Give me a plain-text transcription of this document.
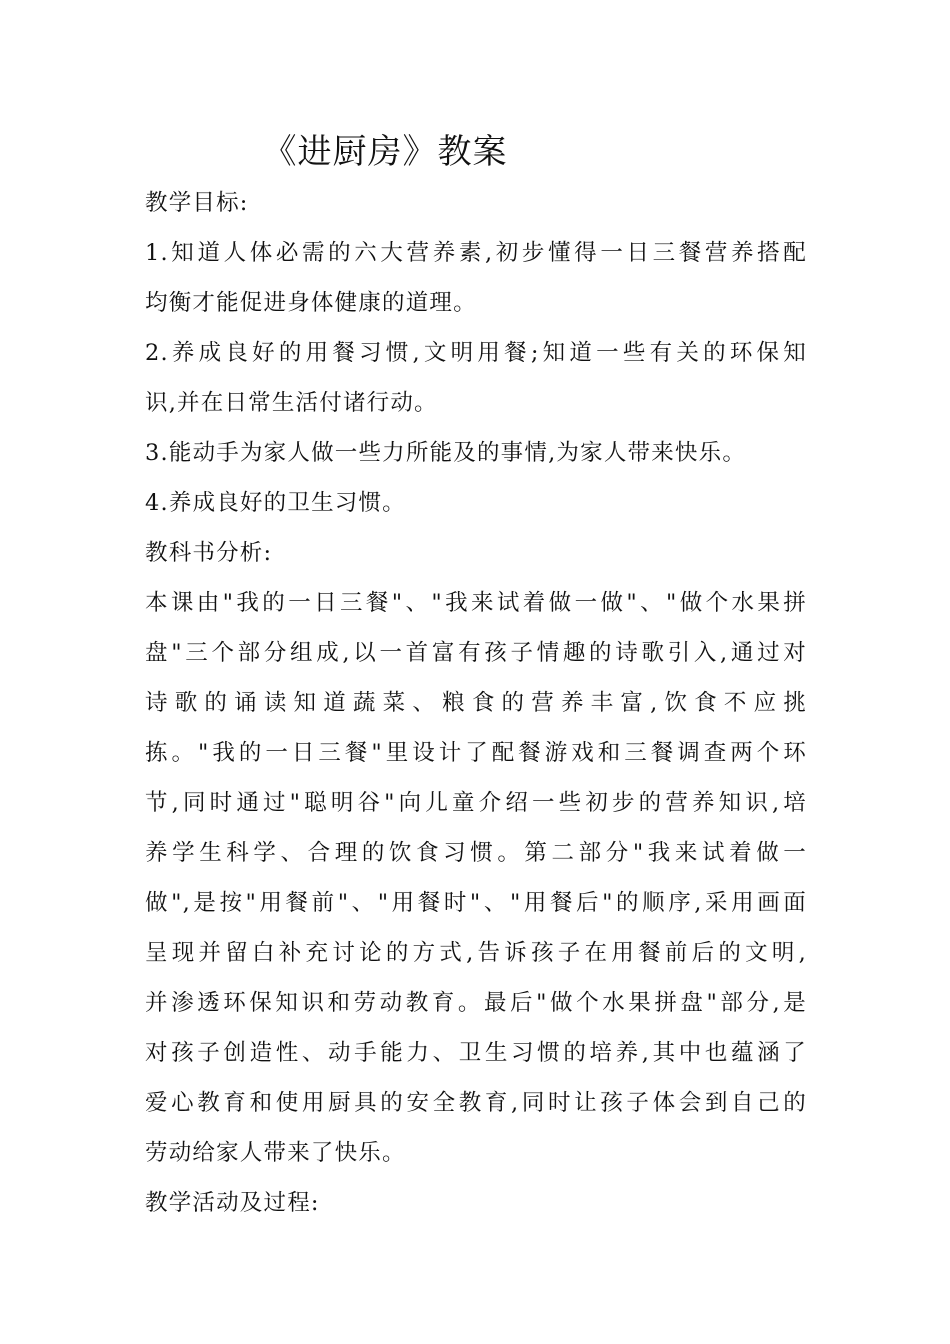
《进厨房》教案
教学目标:
1.知道人体必需的六大营养素,初步懂得一日三餐营养搭配
均衡才能促进身体健康的道理。
2.养成良好的用餐习惯,文明用餐;知道一些有关的环保知
识,并在日常生活付诸行动。
3.能动手为家人做一些力所能及的事情,为家人带来快乐。
4.养成良好的卫生习惯。
教科书分析:
本课由"我的一日三餐"、"我来试着做一做"、"做个水果拼
盘"三个部分组成,以一首富有孩子情趣的诗歌引入,通过对
诗歌的诵读知道蔬菜、粮食的营养丰富,饮食不应挑
拣。"我的一日三餐"里设计了配餐游戏和三餐调查两个环
节,同时通过"聪明谷"向儿童介绍一些初步的营养知识,培
养学生科学、合理的饮食习惯。第二部分"我来试着做一
做",是按"用餐前"、"用餐时"、"用餐后"的顺序,采用画面
呈现并留白补充讨论的方式,告诉孩子在用餐前后的文明,
并渗透环保知识和劳动教育。最后"做个水果拼盘"部分,是
对孩子创造性、动手能力、卫生习惯的培养,其中也蕴涵了
爱心教育和使用厨具的安全教育,同时让孩子体会到自己的
劳动给家人带来了快乐。
教学活动及过程:
